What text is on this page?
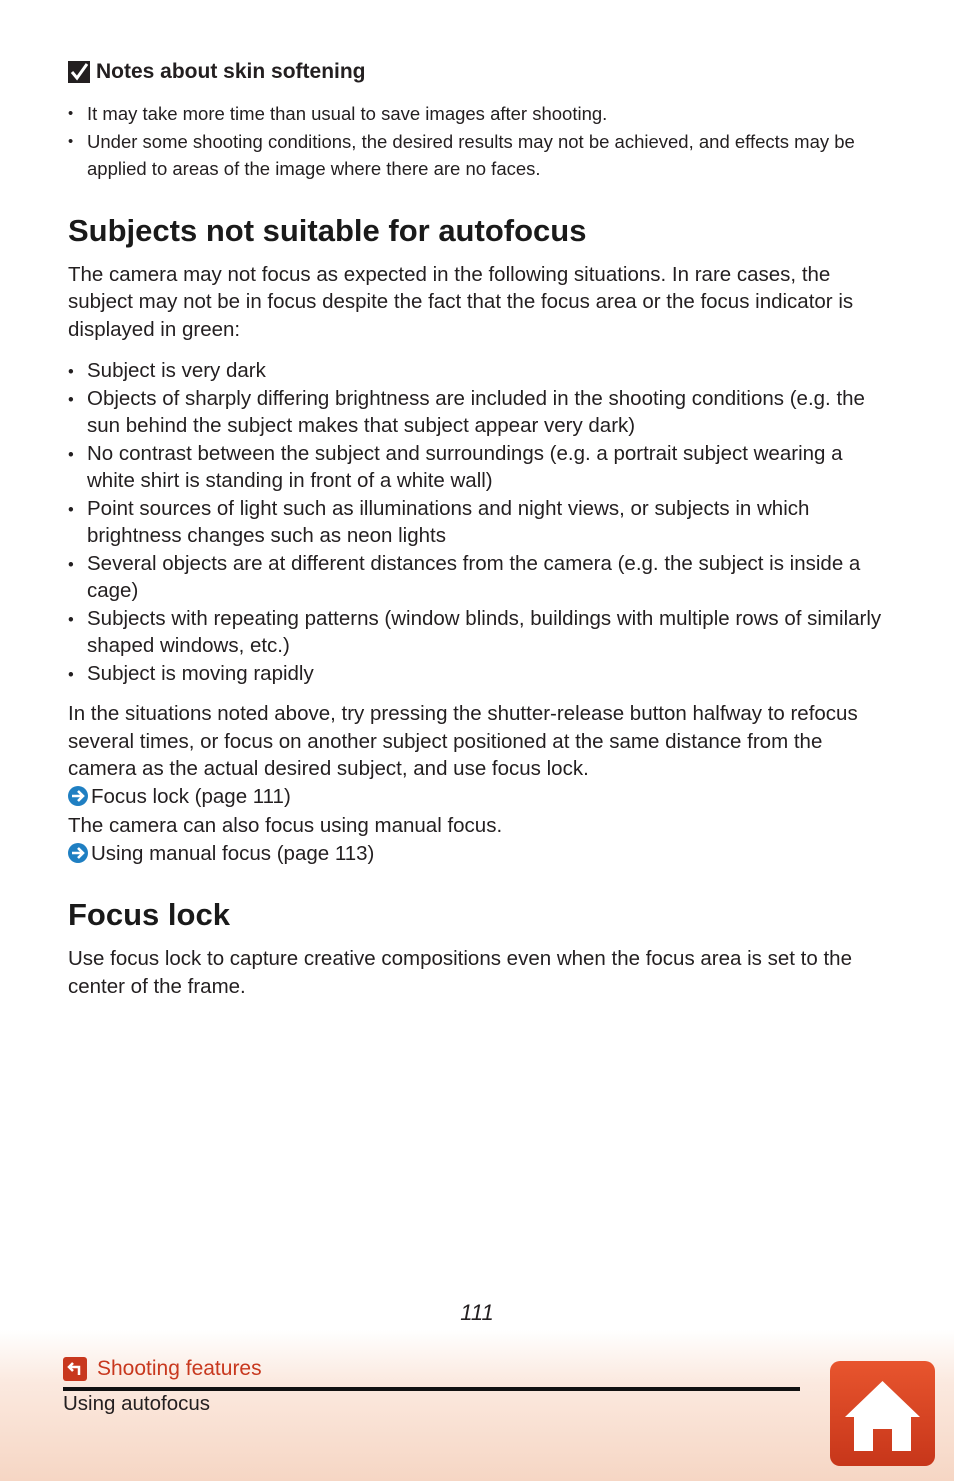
Notes about skin softening
• It may take more time than usual to save images after shooting.
• Under some shooting conditions, the desired results may not be achieved, and effects may be applied to areas of the image where there are no faces.
Subjects not suitable for autofocus

The camera may not focus as expected in the following situations. In rare cases, the subject may not be in focus despite the fact that the focus area or the focus indicator is displayed in green:

• Subject is very dark
• Objects of sharply differing brightness are included in the shooting conditions (e.g. the sun behind the subject makes that subject appear very dark)
• No contrast between the subject and surroundings (e.g. a portrait subject wearing a white shirt is standing in front of a white wall)
• Point sources of light such as illuminations and night views, or subjects in which brightness changes such as neon lights
• Several objects are at different distances from the camera (e.g. the subject is inside a cage)
• Subjects with repeating patterns (window blinds, buildings with multiple rows of similarly shaped windows, etc.)
• Subject is moving rapidly

In the situations noted above, try pressing the shutter-release button halfway to refocus several times, or focus on another subject positioned at the same distance from the camera as the actual desired subject, and use focus lock.

Focus lock (page 111)

The camera can also focus using manual focus.

Using manual focus (page 113)
Focus lock

Use focus lock to capture creative compositions even when the focus area is set to the center of the frame.

111
Shooting features
Using autofocus
